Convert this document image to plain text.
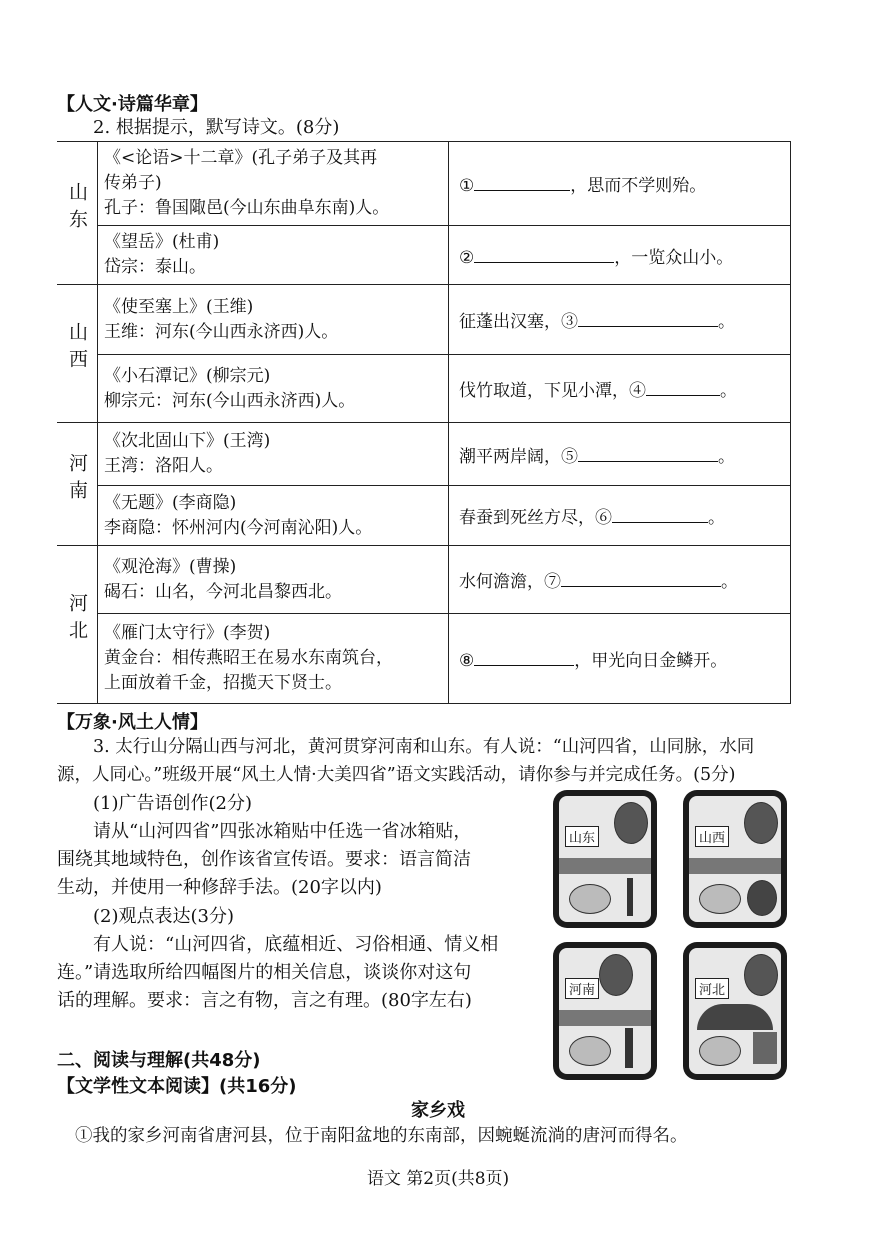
【人文·诗篇华章】
2. 根据提示，默写诗文。(8分)
山东	《<论语>十二章》(孔子弟子及其再
传弟子)
孔子：鲁国陬邑(今山东曲阜东南)人。	① ，思而不学则殆。

	《望岳》(杜甫)
岱宗：泰山。	② ，一览众山小。
山西	《使至塞上》(王维)
王维：河东(今山西永济西)人。	征蓬出汉塞，③ 。

	《小石潭记》(柳宗元)
柳宗元：河东(今山西永济西)人。	伐竹取道，下见小潭，④ 。
河南	《次北固山下》(王湾)
王湾：洛阳人。	潮平两岸阔，⑤ 。

	《无题》(李商隐)
李商隐：怀州河内(今河南沁阳)人。	春蚕到死丝方尽，⑥ 。
河北	《观沧海》(曹操)
碣石：山名，今河北昌黎西北。	水何澹澹，⑦ 。

	《雁门太守行》(李贺)
黄金台：相传燕昭王在易水东南筑台，
上面放着千金，招揽天下贤士。	⑧ ，甲光向日金鳞开。
【万象·风土人情】
3. 太行山分隔山西与河北，黄河贯穿河南和山东。有人说：“山河四省，山同脉，水同
源，人同心。”班级开展“风土人情·大美四省”语文实践活动，请你参与并完成任务。(5分)
(1)广告语创作(2分)
请从“山河四省”四张冰箱贴中任选一省冰箱贴，
围绕其地域特色，创作该省宣传语。要求：语言简洁
生动，并使用一种修辞手法。(20字以内)
(2)观点表达(3分)
有人说：“山河四省，底蕴相近、习俗相通、情义相
连。”请选取所给四幅图片的相关信息，谈谈你对这句
话的理解。要求：言之有物，言之有理。(80字左右)
山东	山西
河南	河北
二、阅读与理解(共48分)
【文学性文本阅读】(共16分)
家乡戏
①我的家乡河南省唐河县，位于南阳盆地的东南部，因蜿蜒流淌的唐河而得名。
语文 第2页(共8页)
